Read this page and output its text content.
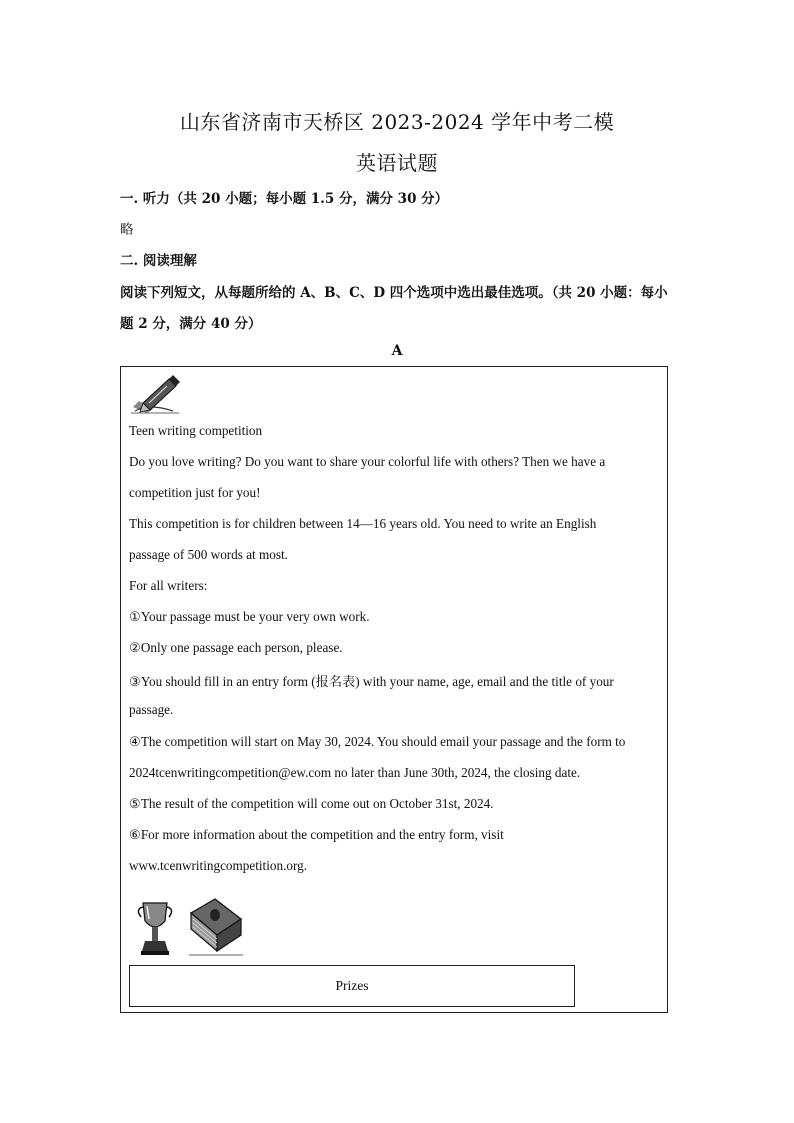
山东省济南市天桥区 2023-2024 学年中考二模
英语试题
一. 听力（共 20 小题；每小题 1.5 分，满分 30 分）
略
二. 阅读理解
阅读下列短文，从每题所给的 A、B、C、D 四个选项中选出最佳选项。（共 20 小题：每小
题 2 分，满分 40 分）
A
Teen writing competition
Do you love writing? Do you want to share your colorful life with others? Then we have a
competition just for you!
This competition is for children between 14—16 years old. You need to write an English
passage of 500 words at most.
For all writers:
①Your passage must be your very own work.
②Only one passage each person, please.
③You should fill in an entry form (报名表) with your name, age, email and the title of your
passage.
④The competition will start on May 30, 2024. You should email your passage and the form to
2024tcenwritingcompetition@ew.com no later than June 30th, 2024, the closing date.
⑤The result of the competition will come out on October 31st, 2024.
⑥For more information about the competition and the entry form, visit
www.tcenwritingcompetition.org.
Prizes
